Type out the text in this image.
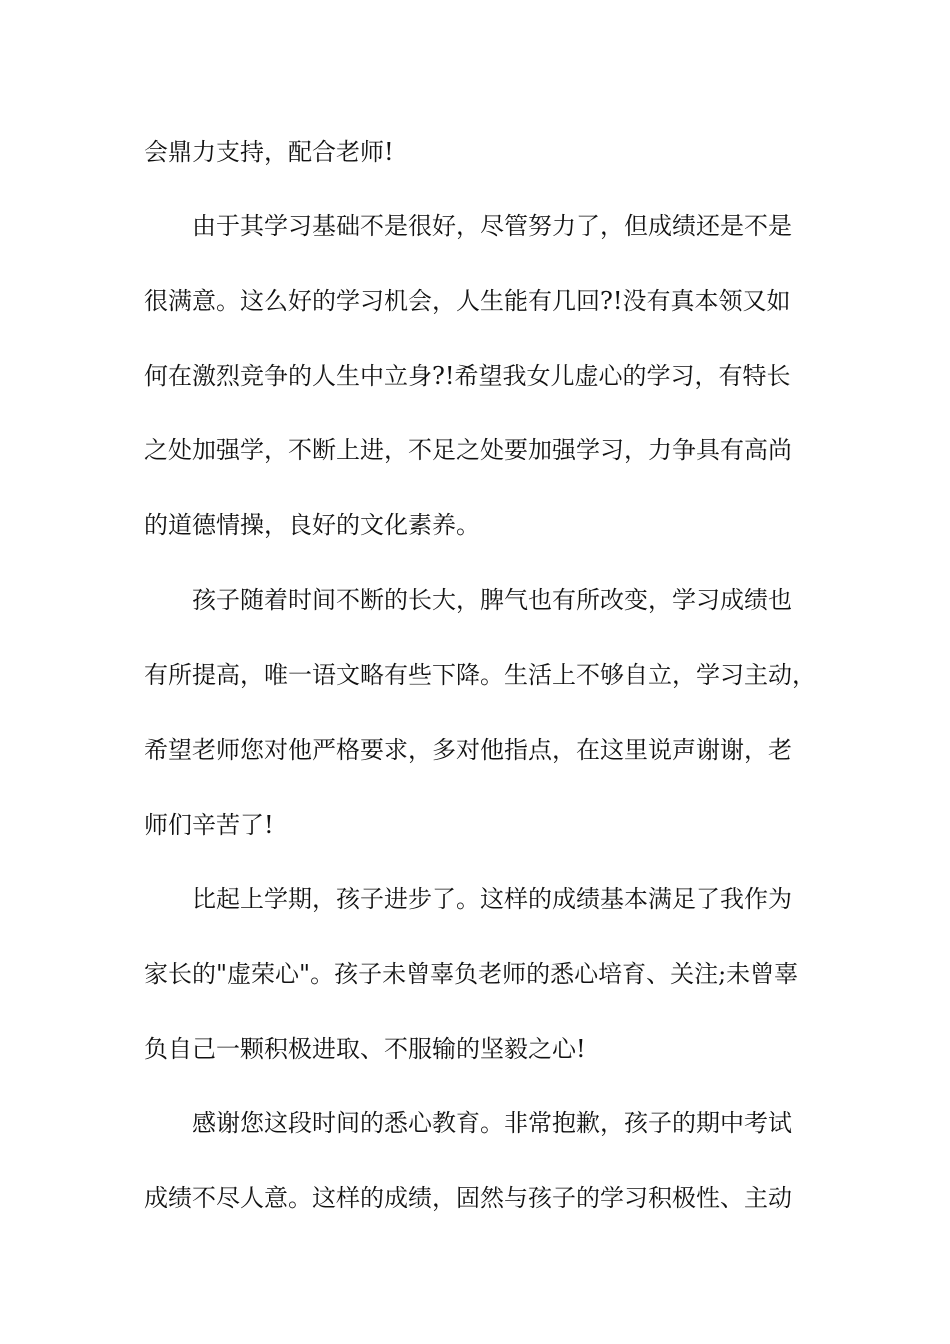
会鼎力支持，配合老师!
　　由于其学习基础不是很好，尽管努力了，但成绩还是不是
很满意。这么好的学习机会，人生能有几回?!没有真本领又如
何在激烈竞争的人生中立身?!希望我女儿虚心的学习，有特长
之处加强学，不断上进，不足之处要加强学习，力争具有高尚
的道德情操，良好的文化素养。
　　孩子随着时间不断的长大，脾气也有所改变，学习成绩也
有所提高，唯一语文略有些下降。生活上不够自立，学习主动，
希望老师您对他严格要求，多对他指点，在这里说声谢谢，老
师们辛苦了!
　　比起上学期，孩子进步了。这样的成绩基本满足了我作为
家长的"虚荣心"。孩子未曾辜负老师的悉心培育、关注;未曾辜
负自己一颗积极进取、不服输的坚毅之心!
　　感谢您这段时间的悉心教育。非常抱歉，孩子的期中考试
成绩不尽人意。这样的成绩，固然与孩子的学习积极性、主动
